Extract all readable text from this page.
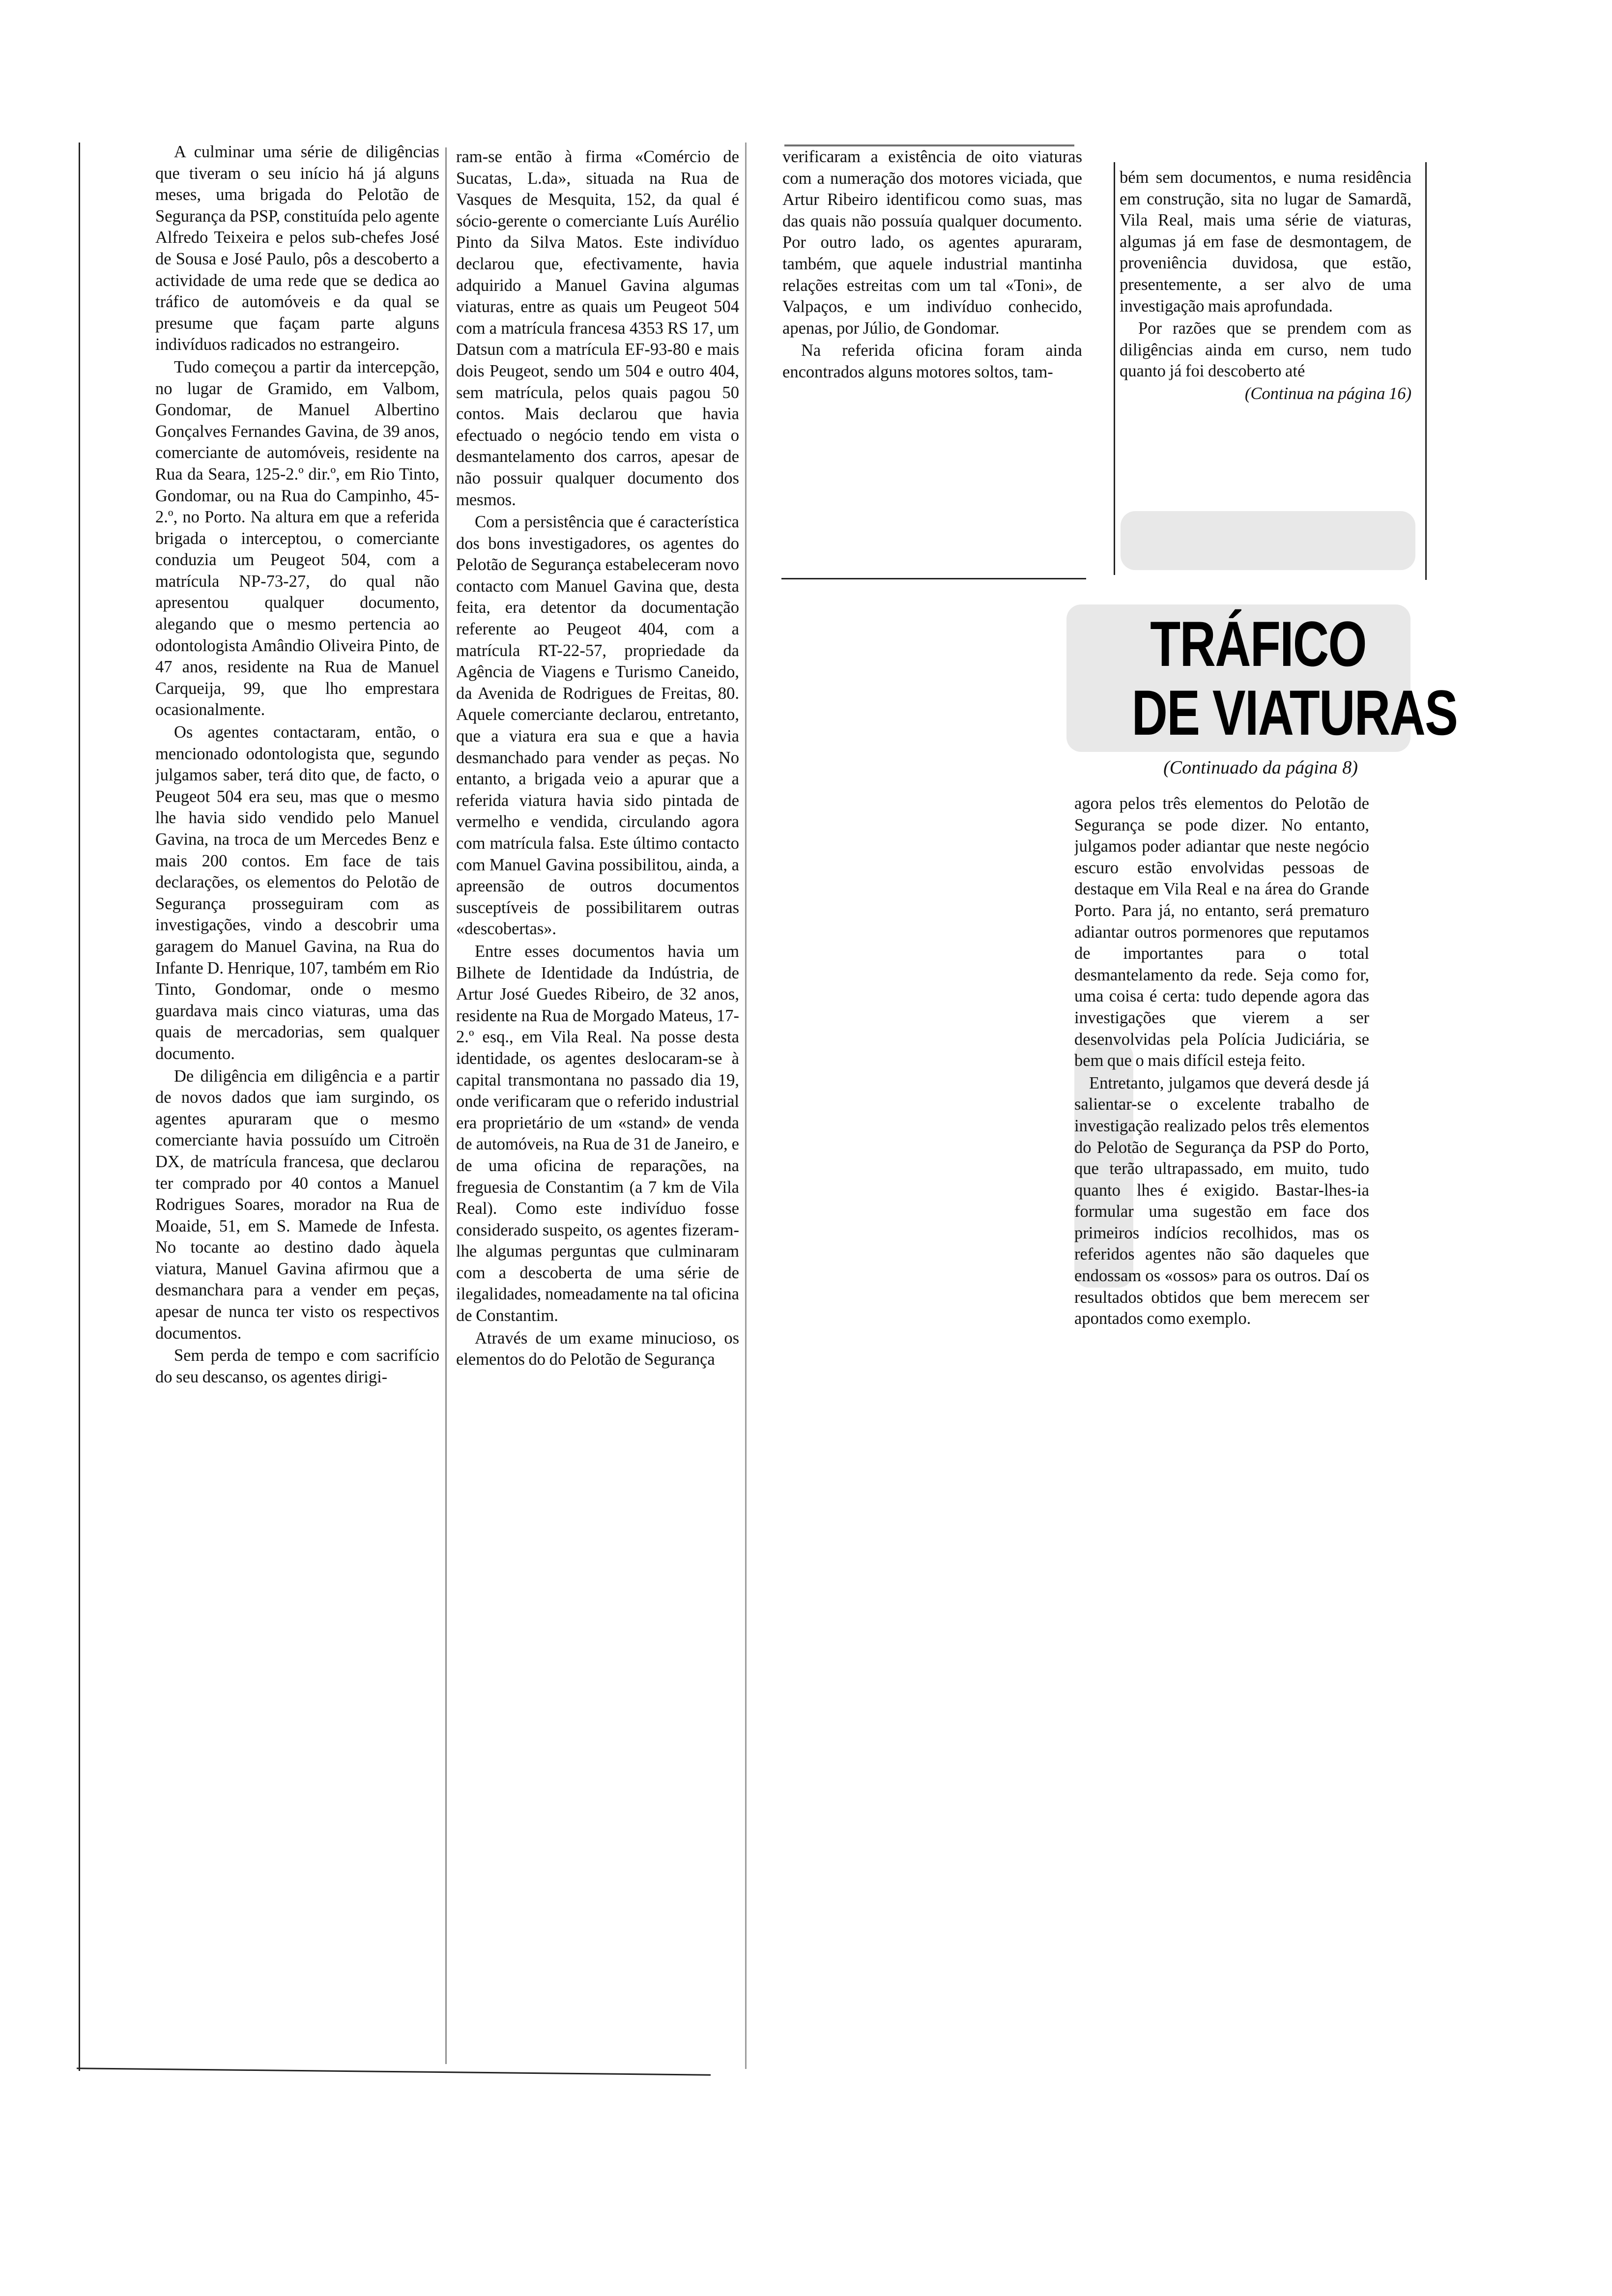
A culminar uma série de diligências que tiveram o seu início há já alguns meses, uma brigada do Pelotão de Segurança da PSP, constituída pelo agente Alfredo Teixeira e pelos sub-chefes José de Sousa e José Paulo, pôs a descoberto a actividade de uma rede que se dedica ao tráfico de automóveis e da qual se presume que façam parte alguns indivíduos radicados no estrangeiro.

Tudo começou a partir da intercepção, no lugar de Gramido, em Valbom, Gondomar, de Manuel Albertino Gonçalves Fernandes Gavina, de 39 anos, comerciante de automóveis, residente na Rua da Seara, 125-2.º dir.º, em Rio Tinto, Gondomar, ou na Rua do Campinho, 45-2.º, no Porto. Na altura em que a referida brigada o interceptou, o comerciante conduzia um Peugeot 504, com a matrícula NP-73-27, do qual não apresentou qualquer documento, alegando que o mesmo pertencia ao odontologista Amândio Oliveira Pinto, de 47 anos, residente na Rua de Manuel Carqueija, 99, que lho emprestara ocasionalmente.

Os agentes contactaram, então, o mencionado odontologista que, segundo julgamos saber, terá dito que, de facto, o Peugeot 504 era seu, mas que o mesmo lhe havia sido vendido pelo Manuel Gavina, na troca de um Mercedes Benz e mais 200 contos. Em face de tais declarações, os elementos do Pelotão de Segurança prosseguiram com as investigações, vindo a descobrir uma garagem do Manuel Gavina, na Rua do Infante D. Henrique, 107, também em Rio Tinto, Gondomar, onde o mesmo guardava mais cinco viaturas, uma das quais de mercadorias, sem qualquer documento.

De diligência em diligência e a partir de novos dados que iam surgindo, os agentes apuraram que o mesmo comerciante havia possuído um Citroën DX, de matrícula francesa, que declarou ter comprado por 40 contos a Manuel Rodrigues Soares, morador na Rua de Moaide, 51, em S. Mamede de Infesta. No tocante ao destino dado àquela viatura, Manuel Gavina afirmou que a desmanchara para a vender em peças, apesar de nunca ter visto os respectivos documentos.

Sem perda de tempo e com sacrifício do seu descanso, os agentes dirigi-

ram-se então à firma «Comércio de Sucatas, L.da», situada na Rua de Vasques de Mesquita, 152, da qual é sócio-gerente o comerciante Luís Aurélio Pinto da Silva Matos. Este indivíduo declarou que, efectivamente, havia adquirido a Manuel Gavina algumas viaturas, entre as quais um Peugeot 504 com a matrícula francesa 4353 RS 17, um Datsun com a matrícula EF-93-80 e mais dois Peugeot, sendo um 504 e outro 404, sem matrícula, pelos quais pagou 50 contos. Mais declarou que havia efectuado o negócio tendo em vista o desmantelamento dos carros, apesar de não possuir qualquer documento dos mesmos.

Com a persistência que é característica dos bons investigadores, os agentes do Pelotão de Segurança estabeleceram novo contacto com Manuel Gavina que, desta feita, era detentor da documentação referente ao Peugeot 404, com a matrícula RT-22-57, propriedade da Agência de Viagens e Turismo Caneido, da Avenida de Rodrigues de Freitas, 80. Aquele comerciante declarou, entretanto, que a viatura era sua e que a havia desmanchado para vender as peças. No entanto, a brigada veio a apurar que a referida viatura havia sido pintada de vermelho e vendida, circulando agora com matrícula falsa. Este último contacto com Manuel Gavina possibilitou, ainda, a apreensão de outros documentos susceptíveis de possibilitarem outras «descobertas».

Entre esses documentos havia um Bilhete de Identidade da Indústria, de Artur José Guedes Ribeiro, de 32 anos, residente na Rua de Morgado Mateus, 17-2.º esq., em Vila Real. Na posse desta identidade, os agentes deslocaram-se à capital transmontana no passado dia 19, onde verificaram que o referido industrial era proprietário de um «stand» de venda de automóveis, na Rua de 31 de Janeiro, e de uma oficina de reparações, na freguesia de Constantim (a 7 km de Vila Real). Como este indivíduo fosse considerado suspeito, os agentes fizeram-lhe algumas perguntas que culminaram com a descoberta de uma série de ilegalidades, nomeadamente na tal oficina de Constantim.

Através de um exame minucioso, os elementos do do Pelotão de Segurança

verificaram a existência de oito viaturas com a numeração dos motores viciada, que Artur Ribeiro identificou como suas, mas das quais não possuía qualquer documento. Por outro lado, os agentes apuraram, também, que aquele industrial mantinha relações estreitas com um tal «Toni», de Valpaços, e um indivíduo conhecido, apenas, por Júlio, de Gondomar.

Na referida oficina foram ainda encontrados alguns motores soltos, tam-

bém sem documentos, e numa residência em construção, sita no lugar de Samardã, Vila Real, mais uma série de viaturas, algumas já em fase de desmontagem, de proveniência duvidosa, que estão, presentemente, a ser alvo de uma investigação mais aprofundada.

Por razões que se prendem com as diligências ainda em curso, nem tudo quanto já foi descoberto até

(Continua na página 16)

TRÁFICO
DE VIATURAS
(Continuado da página 8)

agora pelos três elementos do Pelotão de Segurança se pode dizer. No entanto, julgamos poder adiantar que neste negócio escuro estão envolvidas pessoas de destaque em Vila Real e na área do Grande Porto. Para já, no entanto, será prematuro adiantar outros pormenores que reputamos de importantes para o total desmantelamento da rede. Seja como for, uma coisa é certa: tudo depende agora das investigações que vierem a ser desenvolvidas pela Polícia Judiciária, se bem que o mais difícil esteja feito.

Entretanto, julgamos que deverá desde já salientar-se o excelente trabalho de investigação realizado pelos três elementos do Pelotão de Segurança da PSP do Porto, que terão ultrapassado, em muito, tudo quanto lhes é exigido. Bastar-lhes-ia formular uma sugestão em face dos primeiros indícios recolhidos, mas os referidos agentes não são daqueles que endossam os «ossos» para os outros. Daí os resultados obtidos que bem merecem ser apontados como exemplo.
